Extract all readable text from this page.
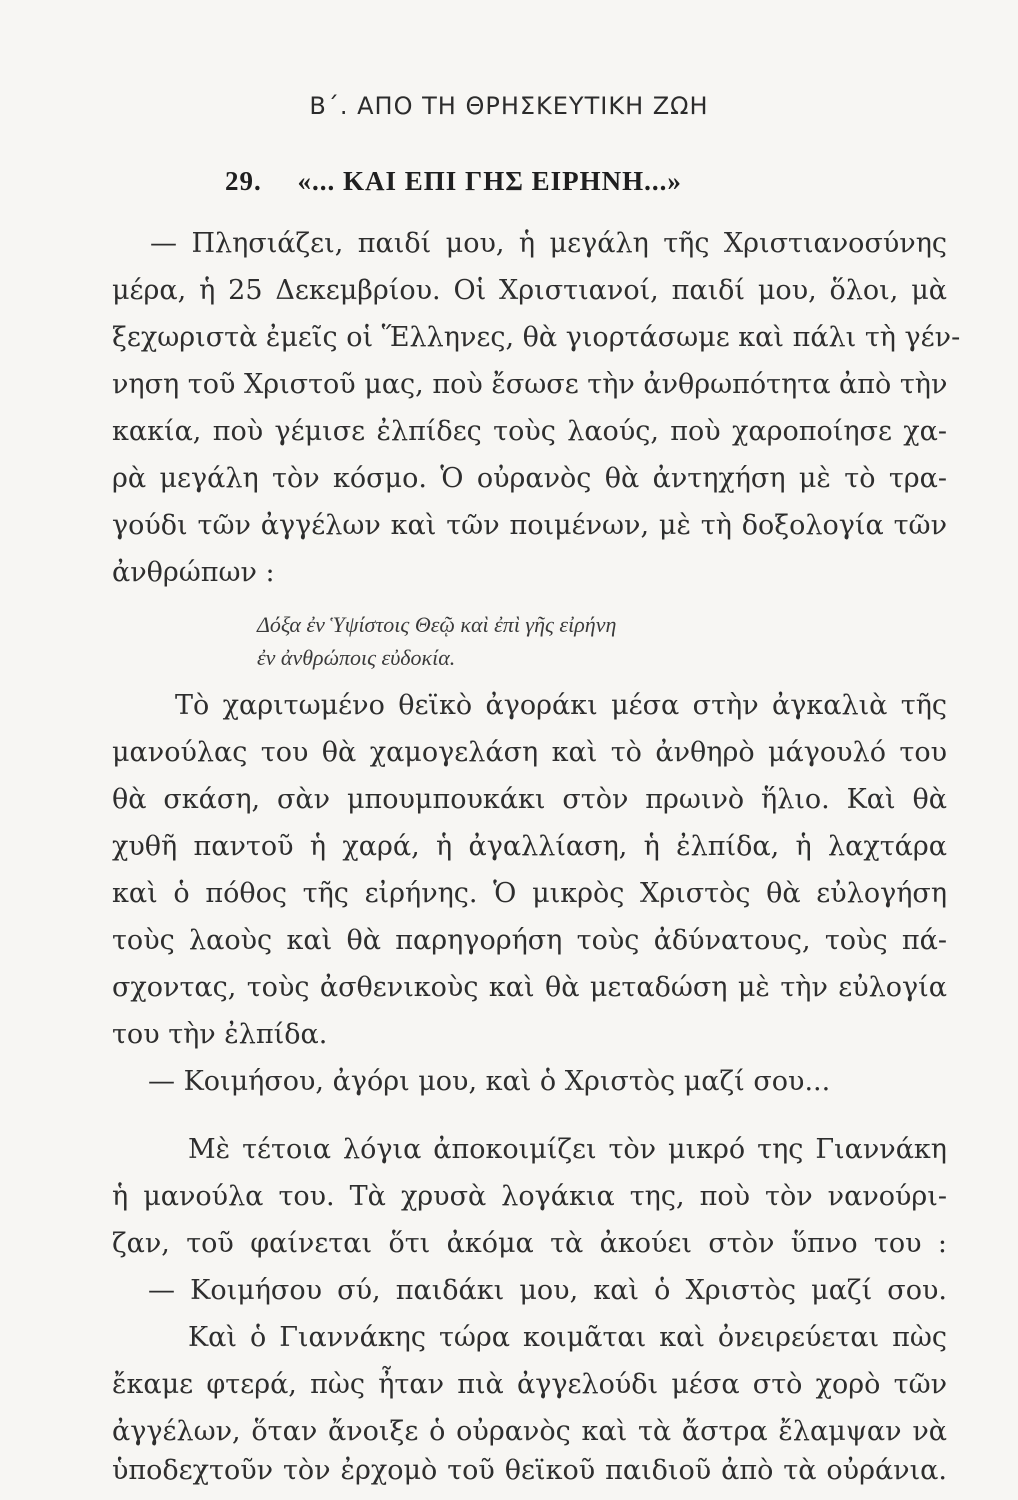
Β΄. ΑΠΟ ΤΗ ΘΡΗΣΚΕΥΤΙΚΗ ΖΩΗ
29. «... ΚΑΙ ΕΠΙ ΓΗΣ ΕΙΡΗΝΗ...»
— Πλησιάζει, παιδί μου, ἡ μεγάλη τῆς Χριστιανοσύνης
μέρα, ἡ 25 Δεκεμβρίου. Οἱ Χριστιανοί, παιδί μου, ὅλοι, μὰ
ξεχωριστὰ ἐμεῖς οἱ Ἕλληνες, θὰ γιορτάσωμε καὶ πάλι τὴ γέν-
νηση τοῦ Χριστοῦ μας, ποὺ ἔσωσε τὴν ἀνθρωπότητα ἀπὸ τὴν
κακία, ποὺ γέμισε ἐλπίδες τοὺς λαούς, ποὺ χαροποίησε χα-
ρὰ μεγάλη τὸν κόσμο. Ὁ οὐρανὸς θὰ ἀντηχήση μὲ τὸ τρα-
γούδι τῶν ἀγγέλων καὶ τῶν ποιμένων, μὲ τὴ δοξολογία τῶν
ἀνθρώπων :
Δόξα ἐν Ὑψίστοις Θεῷ καὶ ἐπὶ γῆς εἰρήνη
ἐν ἀνθρώποις εὐδοκία.
Τὸ χαριτωμένο θεϊκὸ ἀγοράκι μέσα στὴν ἀγκαλιὰ τῆς
μανούλας του θὰ χαμογελάση καὶ τὸ ἀνθηρὸ μάγουλό του
θὰ σκάση, σὰν μπουμπουκάκι στὸν πρωινὸ ἥλιο. Καὶ θὰ
χυθῆ παντοῦ ἡ χαρά, ἡ ἀγαλλίαση, ἡ ἐλπίδα, ἡ λαχτάρα
καὶ ὁ πόθος τῆς εἰρήνης. Ὁ μικρὸς Χριστὸς θὰ εὐλογήση
τοὺς λαοὺς καὶ θὰ παρηγορήση τοὺς ἀδύνατους, τοὺς πά-
σχοντας, τοὺς ἀσθενικοὺς καὶ θὰ μεταδώση μὲ τὴν εὐλογία
του τὴν ἐλπίδα.
— Κοιμήσου, ἀγόρι μου, καὶ ὁ Χριστὸς μαζί σου...
Μὲ τέτοια λόγια ἀποκοιμίζει τὸν μικρό της Γιαννάκη
ἡ μανούλα του. Τὰ χρυσὰ λογάκια της, ποὺ τὸν νανούρι-
ζαν, τοῦ φαίνεται ὅτι ἀκόμα τὰ ἀκούει στὸν ὕπνο του :
— Κοιμήσου σύ, παιδάκι μου, καὶ ὁ Χριστὸς μαζί σου.
Καὶ ὁ Γιαννάκης τώρα κοιμᾶται καὶ ὀνειρεύεται πὼς
ἔκαμε φτερά, πὼς ἦταν πιὰ ἀγγελούδι μέσα στὸ χορὸ τῶν
ἀγγέλων, ὅταν ἄνοιξε ὁ οὐρανὸς καὶ τὰ ἄστρα ἔλαμψαν νὰ
ὑποδεχτοῦν τὸν ἐρχομὸ τοῦ θεϊκοῦ παιδιοῦ ἀπὸ τὰ οὐράνια.
